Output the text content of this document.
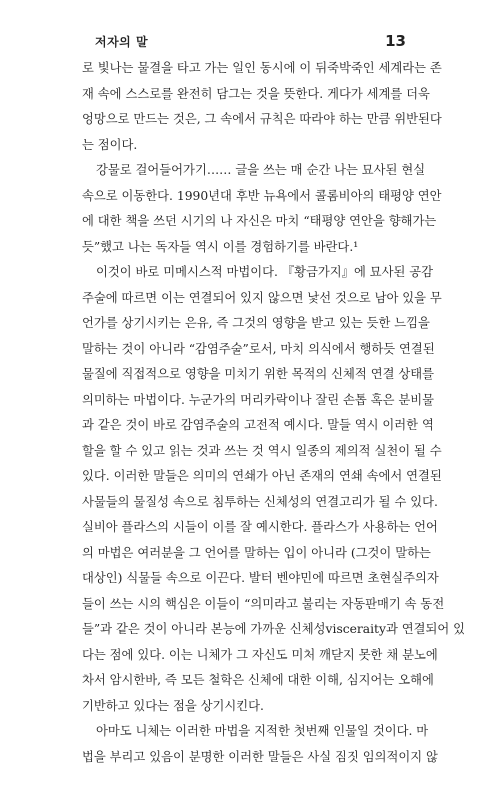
저자의 말	13
로 빛나는 물결을 타고 가는 일인 동시에 이 뒤죽박죽인 세계라는 존
재 속에 스스로를 완전히 담그는 것을 뜻한다. 게다가 세계를 더욱
엉망으로 만드는 것은, 그 속에서 규칙은 따라야 하는 만큼 위반된다
는 점이다.
강물로 걸어들어가기…… 글을 쓰는 매 순간 나는 묘사된 현실
속으로 이동한다. 1990년대 후반 뉴욕에서 콜롬비아의 태평양 연안
에 대한 책을 쓰던 시기의 나 자신은 마치 “태평양 연안을 향해가는
듯”했고 나는 독자들 역시 이를 경험하기를 바란다.¹
이것이 바로 미메시스적 마법이다. 『황금가지』에 묘사된 공감
주술에 따르면 이는 연결되어 있지 않으면 낯선 것으로 남아 있을 무
언가를 상기시키는 은유, 즉 그것의 영향을 받고 있는 듯한 느낌을
말하는 것이 아니라 “감염주술”로서, 마치 의식에서 행하듯 연결된
물질에 직접적으로 영향을 미치기 위한 목적의 신체적 연결 상태를
의미하는 마법이다. 누군가의 머리카락이나 잘린 손톱 혹은 분비물
과 같은 것이 바로 감염주술의 고전적 예시다. 말들 역시 이러한 역
할을 할 수 있고 읽는 것과 쓰는 것 역시 일종의 제의적 실천이 될 수
있다. 이러한 말들은 의미의 연쇄가 아닌 존재의 연쇄 속에서 연결된
사물들의 물질성 속으로 침투하는 신체성의 연결고리가 될 수 있다.
실비아 플라스의 시들이 이를 잘 예시한다. 플라스가 사용하는 언어
의 마법은 여러분을 그 언어를 말하는 입이 아니라 (그것이 말하는
대상인) 식물들 속으로 이끈다. 발터 벤야민에 따르면 초현실주의자
들이 쓰는 시의 핵심은 이들이 “의미라고 불리는 자동판매기 속 동전
들”과 같은 것이 아니라 본능에 가까운 신체성visceraity과 연결되어 있
다는 점에 있다. 이는 니체가 그 자신도 미처 깨닫지 못한 채 분노에
차서 암시한바, 즉 모든 철학은 신체에 대한 이해, 심지어는 오해에
기반하고 있다는 점을 상기시킨다.
아마도 니체는 이러한 마법을 지적한 첫번째 인물일 것이다. 마
법을 부리고 있음이 분명한 이러한 말들은 사실 짐짓 임의적이지 않
